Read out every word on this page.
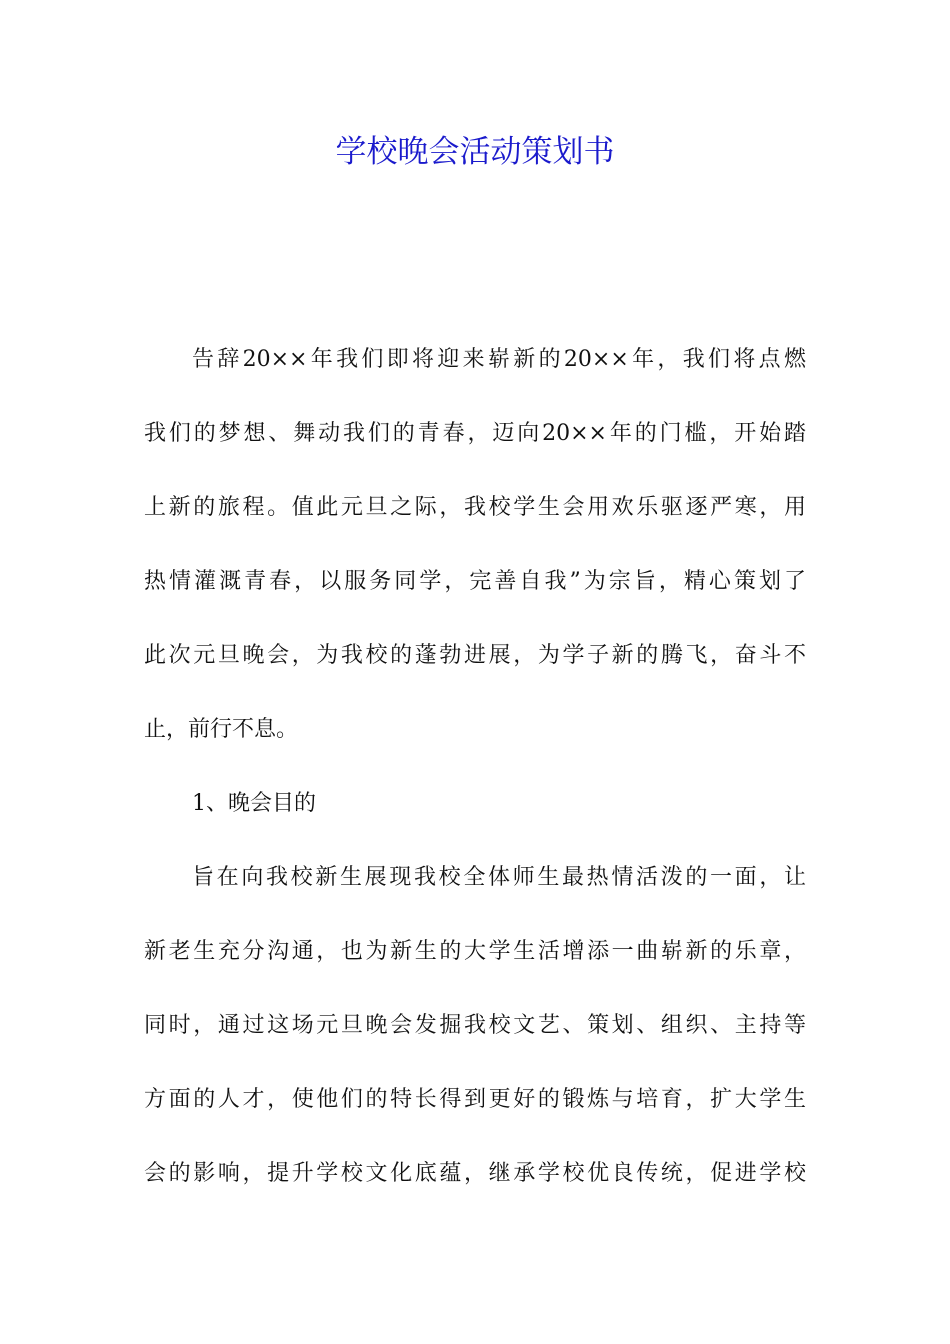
学校晚会活动策划书
告辞20××年我们即将迎来崭新的20××年，我们将点燃
我们的梦想、舞动我们的青春，迈向20××年的门槛，开始踏
上新的旅程。值此元旦之际，我校学生会用欢乐驱逐严寒，用
热情灌溉青春，以服务同学，完善自我”为宗旨，精心策划了
此次元旦晚会，为我校的蓬勃进展，为学子新的腾飞，奋斗不
止，前行不息。
1、晚会目的
旨在向我校新生展现我校全体师生最热情活泼的一面，让
新老生充分沟通，也为新生的大学生活增添一曲崭新的乐章，
同时，通过这场元旦晚会发掘我校文艺、策划、组织、主持等
方面的人才，使他们的特长得到更好的锻炼与培育，扩大学生
会的影响，提升学校文化底蕴，继承学校优良传统，促进学校
